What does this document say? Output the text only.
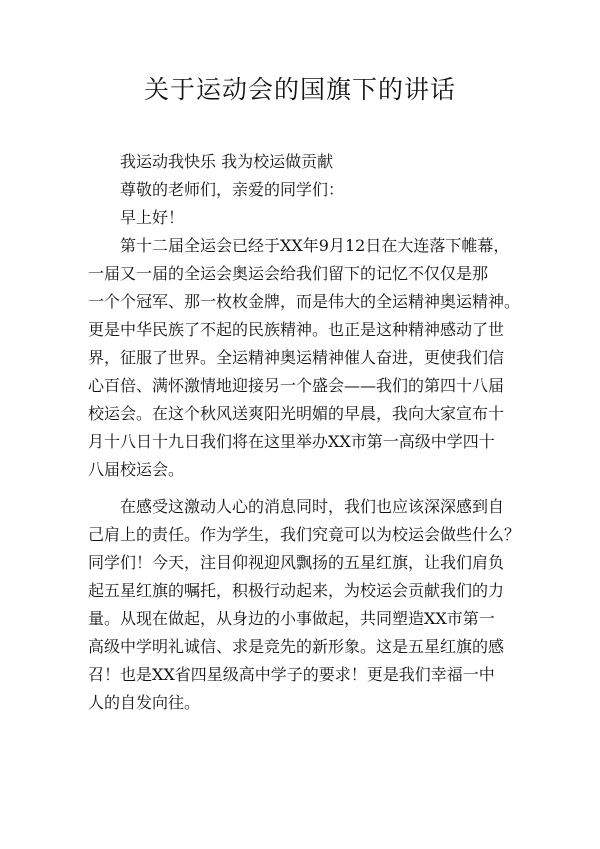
关于运动会的国旗下的讲话

我运动我快乐 我为校运做贡献

尊敬的老师们，亲爱的同学们：

早上好！

第十二届全运会已经于XX年9月12日在大连落下帷幕，

一届又一届的全运会奥运会给我们留下的记忆不仅仅是那

一个个冠军、那一枚枚金牌，而是伟大的全运精神奥运精神。

更是中华民族了不起的民族精神。也正是这种精神感动了世

界，征服了世界。全运精神奥运精神催人奋进，更使我们信

心百倍、满怀激情地迎接另一个盛会——我们的第四十八届

校运会。在这个秋风送爽阳光明媚的早晨，我向大家宣布十

月十八日十九日我们将在这里举办XX市第一高级中学四十

八届校运会。

在感受这激动人心的消息同时，我们也应该深深感到自

己肩上的责任。作为学生，我们究竟可以为校运会做些什么？

同学们！今天，注目仰视迎风飘扬的五星红旗，让我们肩负

起五星红旗的嘱托，积极行动起来，为校运会贡献我们的力

量。从现在做起，从身边的小事做起，共同塑造XX市第一

高级中学明礼诚信、求是竞先的新形象。这是五星红旗的感

召！也是XX省四星级高中学子的要求！更是我们幸福一中

人的自发向往。
